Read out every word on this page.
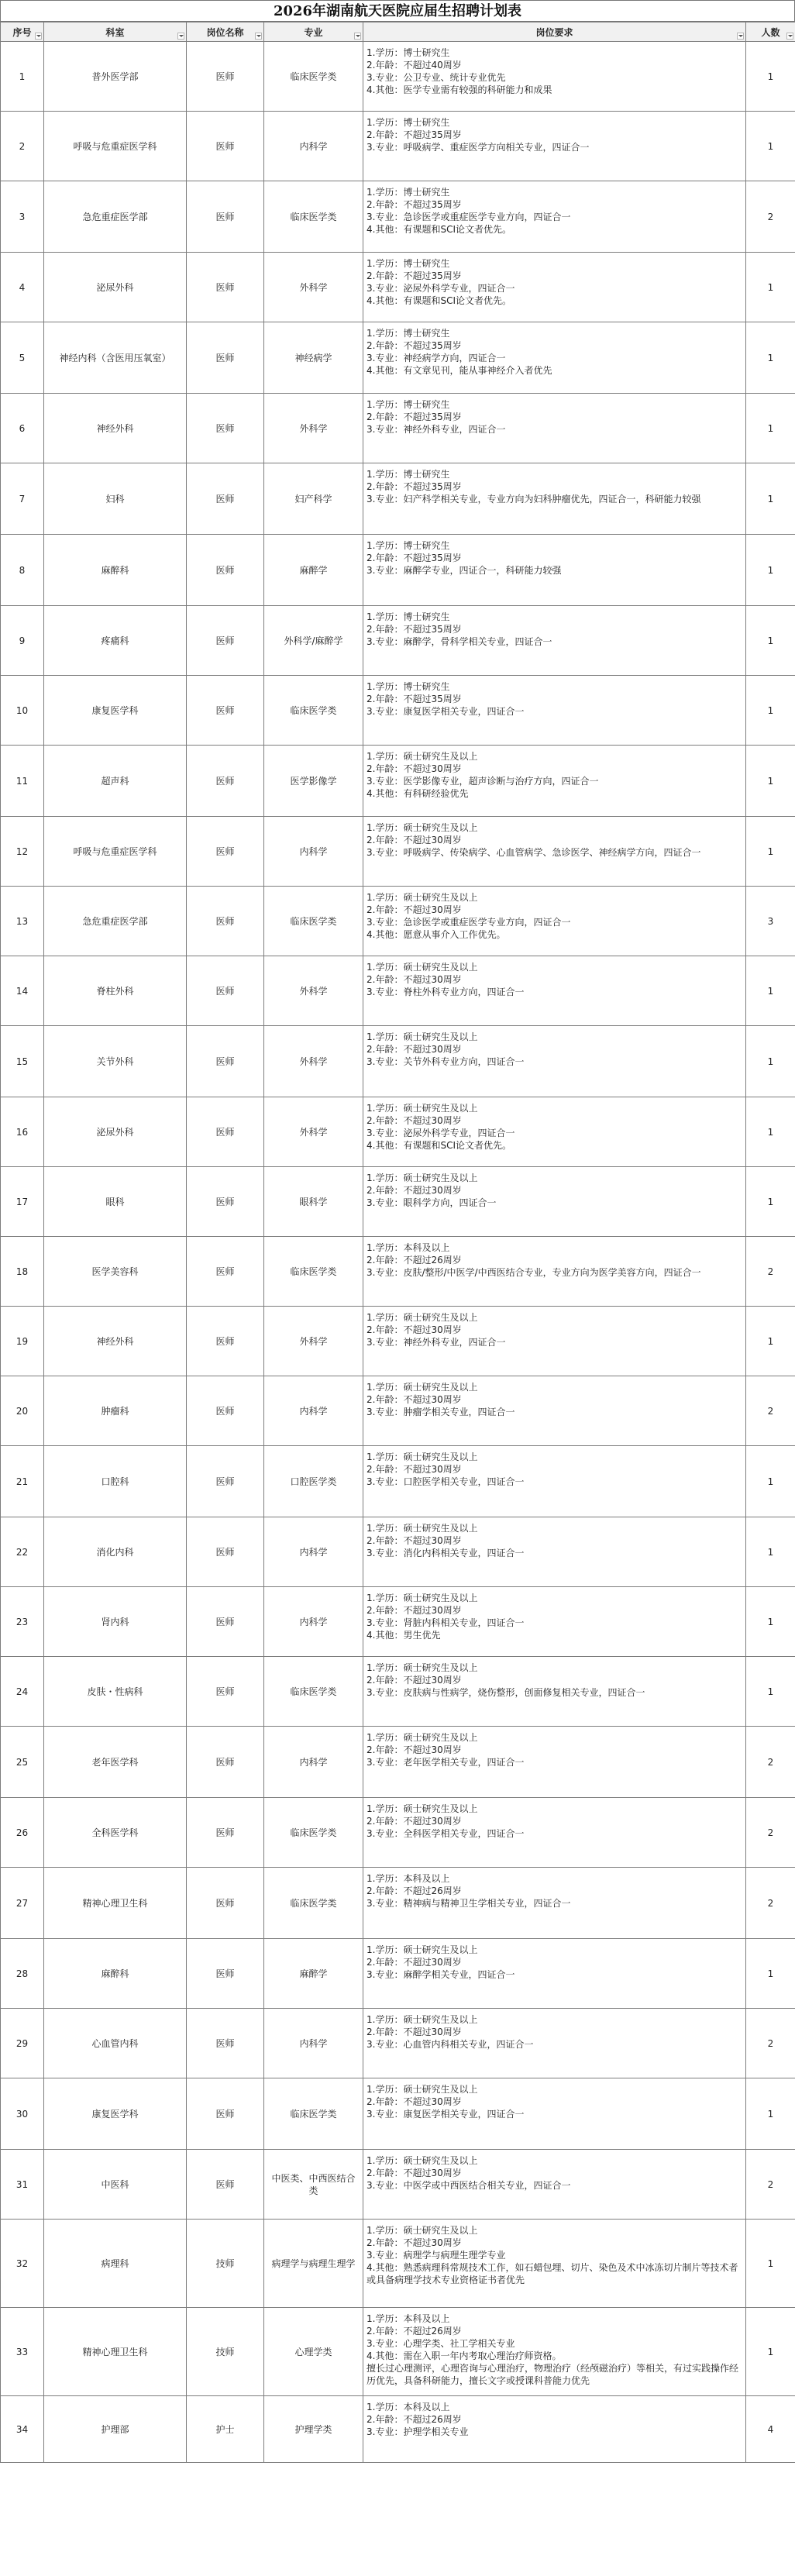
2026年湖南航天医院应届生招聘计划表
序号	科室	岗位名称	专业	岗位要求	人数

1	普外医学部	医师	临床医学类	1.学历：博士研究生
2.年龄：不超过40周岁
3.专业：公卫专业、统计专业优先
4.其他：医学专业需有较强的科研能力和成果	1
2	呼吸与危重症医学科	医师	内科学	1.学历：博士研究生
2.年龄：不超过35周岁
3.专业：呼吸病学、重症医学方向相关专业，四证合一	1
3	急危重症医学部	医师	临床医学类	1.学历：博士研究生
2.年龄：不超过35周岁
3.专业：急诊医学或重症医学专业方向，四证合一
4.其他：有课题和SCI论文者优先。	2
4	泌尿外科	医师	外科学	1.学历：博士研究生
2.年龄：不超过35周岁
3.专业：泌尿外科学专业，四证合一
4.其他：有课题和SCI论文者优先。	1
5	神经内科（含医用压氧室）	医师	神经病学	1.学历：博士研究生
2.年龄：不超过35周岁
3.专业：神经病学方向，四证合一
4.其他：有文章见刊，能从事神经介入者优先	1
6	神经外科	医师	外科学	1.学历：博士研究生
2.年龄：不超过35周岁
3.专业：神经外科专业，四证合一	1
7	妇科	医师	妇产科学	1.学历：博士研究生
2.年龄：不超过35周岁
3.专业：妇产科学相关专业，专业方向为妇科肿瘤优先，四证合一，科研能力较强	1
8	麻醉科	医师	麻醉学	1.学历：博士研究生
2.年龄：不超过35周岁
3.专业：麻醉学专业，四证合一，科研能力较强	1
9	疼痛科	医师	外科学/麻醉学	1.学历：博士研究生
2.年龄：不超过35周岁
3.专业：麻醉学，骨科学相关专业，四证合一	1
10	康复医学科	医师	临床医学类	1.学历：博士研究生
2.年龄：不超过35周岁
3.专业：康复医学相关专业，四证合一	1
11	超声科	医师	医学影像学	1.学历：硕士研究生及以上
2.年龄：不超过30周岁
3.专业：医学影像专业，超声诊断与治疗方向，四证合一
4.其他：有科研经验优先	1
12	呼吸与危重症医学科	医师	内科学	1.学历：硕士研究生及以上
2.年龄：不超过30周岁
3.专业：呼吸病学、传染病学、心血管病学、急诊医学、神经病学方向，四证合一	1
13	急危重症医学部	医师	临床医学类	1.学历：硕士研究生及以上
2.年龄：不超过30周岁
3.专业：急诊医学或重症医学专业方向，四证合一
4.其他：愿意从事介入工作优先。	3
14	脊柱外科	医师	外科学	1.学历：硕士研究生及以上
2.年龄：不超过30周岁
3.专业：脊柱外科专业方向，四证合一	1
15	关节外科	医师	外科学	1.学历：硕士研究生及以上
2.年龄：不超过30周岁
3.专业：关节外科专业方向，四证合一	1
16	泌尿外科	医师	外科学	1.学历：硕士研究生及以上
2.年龄：不超过30周岁
3.专业：泌尿外科学专业，四证合一
4.其他：有课题和SCI论文者优先。	1
17	眼科	医师	眼科学	1.学历：硕士研究生及以上
2.年龄：不超过30周岁
3.专业：眼科学方向，四证合一	1
18	医学美容科	医师	临床医学类	1.学历：本科及以上
2.年龄：不超过26周岁
3.专业：皮肤/整形/中医学/中西医结合专业，专业方向为医学美容方向，四证合一	2
19	神经外科	医师	外科学	1.学历：硕士研究生及以上
2.年龄：不超过30周岁
3.专业：神经外科专业，四证合一	1
20	肿瘤科	医师	内科学	1.学历：硕士研究生及以上
2.年龄：不超过30周岁
3.专业：肿瘤学相关专业，四证合一	2
21	口腔科	医师	口腔医学类	1.学历：硕士研究生及以上
2.年龄：不超过30周岁
3.专业：口腔医学相关专业，四证合一	1
22	消化内科	医师	内科学	1.学历：硕士研究生及以上
2.年龄：不超过30周岁
3.专业：消化内科相关专业，四证合一	1
23	肾内科	医师	内科学	1.学历：硕士研究生及以上
2.年龄：不超过30周岁
3.专业：肾脏内科相关专业，四证合一
4.其他：男生优先	1
24	皮肤・性病科	医师	临床医学类	1.学历：硕士研究生及以上
2.年龄：不超过30周岁
3.专业：皮肤病与性病学，烧伤整形，创面修复相关专业，四证合一	1
25	老年医学科	医师	内科学	1.学历：硕士研究生及以上
2.年龄：不超过30周岁
3.专业：老年医学相关专业，四证合一	2
26	全科医学科	医师	临床医学类	1.学历：硕士研究生及以上
2.年龄：不超过30周岁
3.专业：全科医学相关专业，四证合一	2
27	精神心理卫生科	医师	临床医学类	1.学历：本科及以上
2.年龄：不超过26周岁
3.专业：精神病与精神卫生学相关专业，四证合一	2
28	麻醉科	医师	麻醉学	1.学历：硕士研究生及以上
2.年龄：不超过30周岁
3.专业：麻醉学相关专业，四证合一	1
29	心血管内科	医师	内科学	1.学历：硕士研究生及以上
2.年龄：不超过30周岁
3.专业：心血管内科相关专业，四证合一	2
30	康复医学科	医师	临床医学类	1.学历：硕士研究生及以上
2.年龄：不超过30周岁
3.专业：康复医学相关专业，四证合一	1
31	中医科	医师	中医类、中西医结合类	1.学历：硕士研究生及以上
2.年龄：不超过30周岁
3.专业：中医学或中西医结合相关专业，四证合一	2
32	病理科	技师	病理学与病理生理学	1.学历：硕士研究生及以上
2.年龄：不超过30周岁
3.专业：病理学与病理生理学专业
4.其他：熟悉病理科常规技术工作，如石蜡包埋、切片、染色及术中冰冻切片制片等技术者或具备病理学技术专业资格证书者优先	1
33	精神心理卫生科	技师	心理学类	1.学历：本科及以上
2.年龄：不超过26周岁
3.专业：心理学类、社工学相关专业
4.其他：需在入职一年内考取心理治疗师资格。
擅长过心理测评，心理咨询与心理治疗，物理治疗（经颅磁治疗）等相关，有过实践操作经历优先，具备科研能力，擅长文字或授课科普能力优先	1
34	护理部	护士	护理学类	1.学历：本科及以上
2.年龄：不超过26周岁
3.专业：护理学相关专业	4
